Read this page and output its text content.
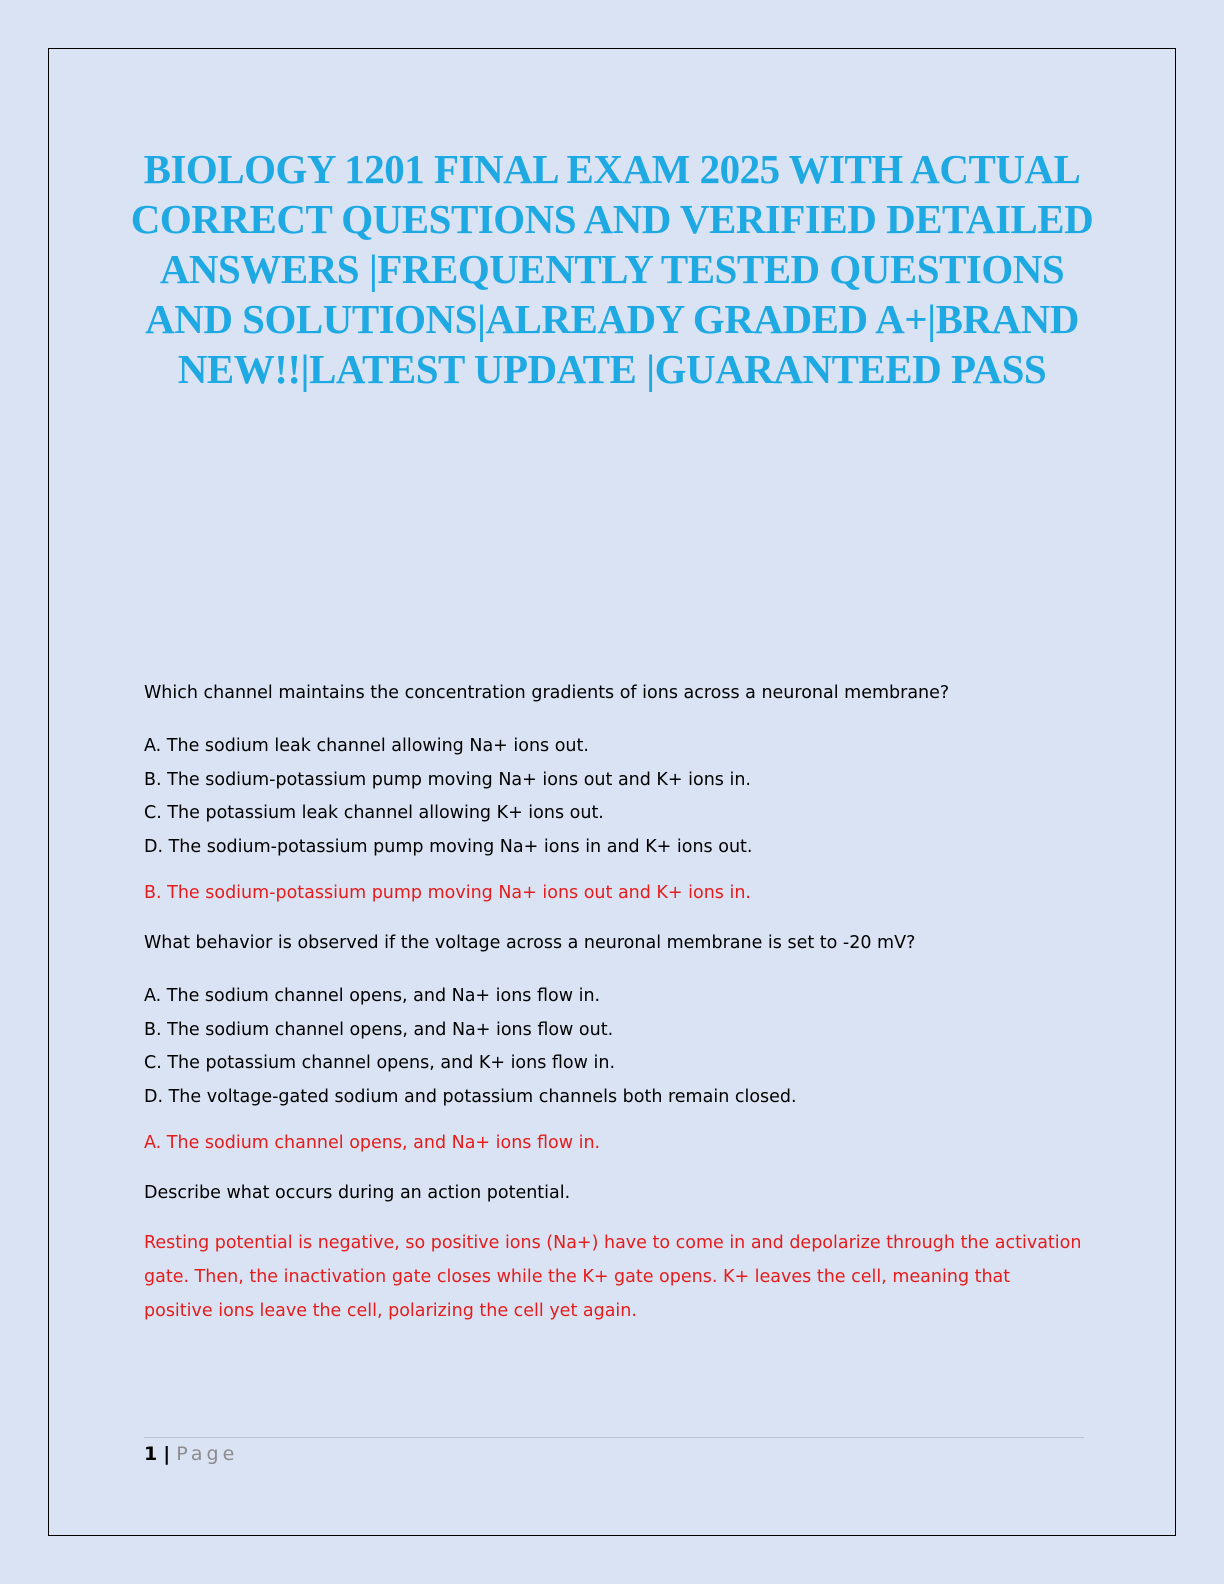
BIOLOGY 1201 FINAL EXAM 2025 WITH ACTUAL CORRECT QUESTIONS AND VERIFIED DETAILED ANSWERS |FREQUENTLY TESTED QUESTIONS AND SOLUTIONS|ALREADY GRADED A+|BRAND NEW!!|LATEST UPDATE |GUARANTEED PASS

Which channel maintains the concentration gradients of ions across a neuronal membrane?

A. The sodium leak channel allowing Na+ ions out.
B. The sodium-potassium pump moving Na+ ions out and K+ ions in.
C. The potassium leak channel allowing K+ ions out.
D. The sodium-potassium pump moving Na+ ions in and K+ ions out.

B. The sodium-potassium pump moving Na+ ions out and K+ ions in.

What behavior is observed if the voltage across a neuronal membrane is set to -20 mV?

A. The sodium channel opens, and Na+ ions flow in.
B. The sodium channel opens, and Na+ ions flow out.
C. The potassium channel opens, and K+ ions flow in.
D. The voltage-gated sodium and potassium channels both remain closed.

A. The sodium channel opens, and Na+ ions flow in.

Describe what occurs during an action potential.

Resting potential is negative, so positive ions (Na+) have to come in and depolarize through the activation gate. Then, the inactivation gate closes while the K+ gate opens. K+ leaves the cell, meaning that positive ions leave the cell, polarizing the cell yet again.

1 | Page
